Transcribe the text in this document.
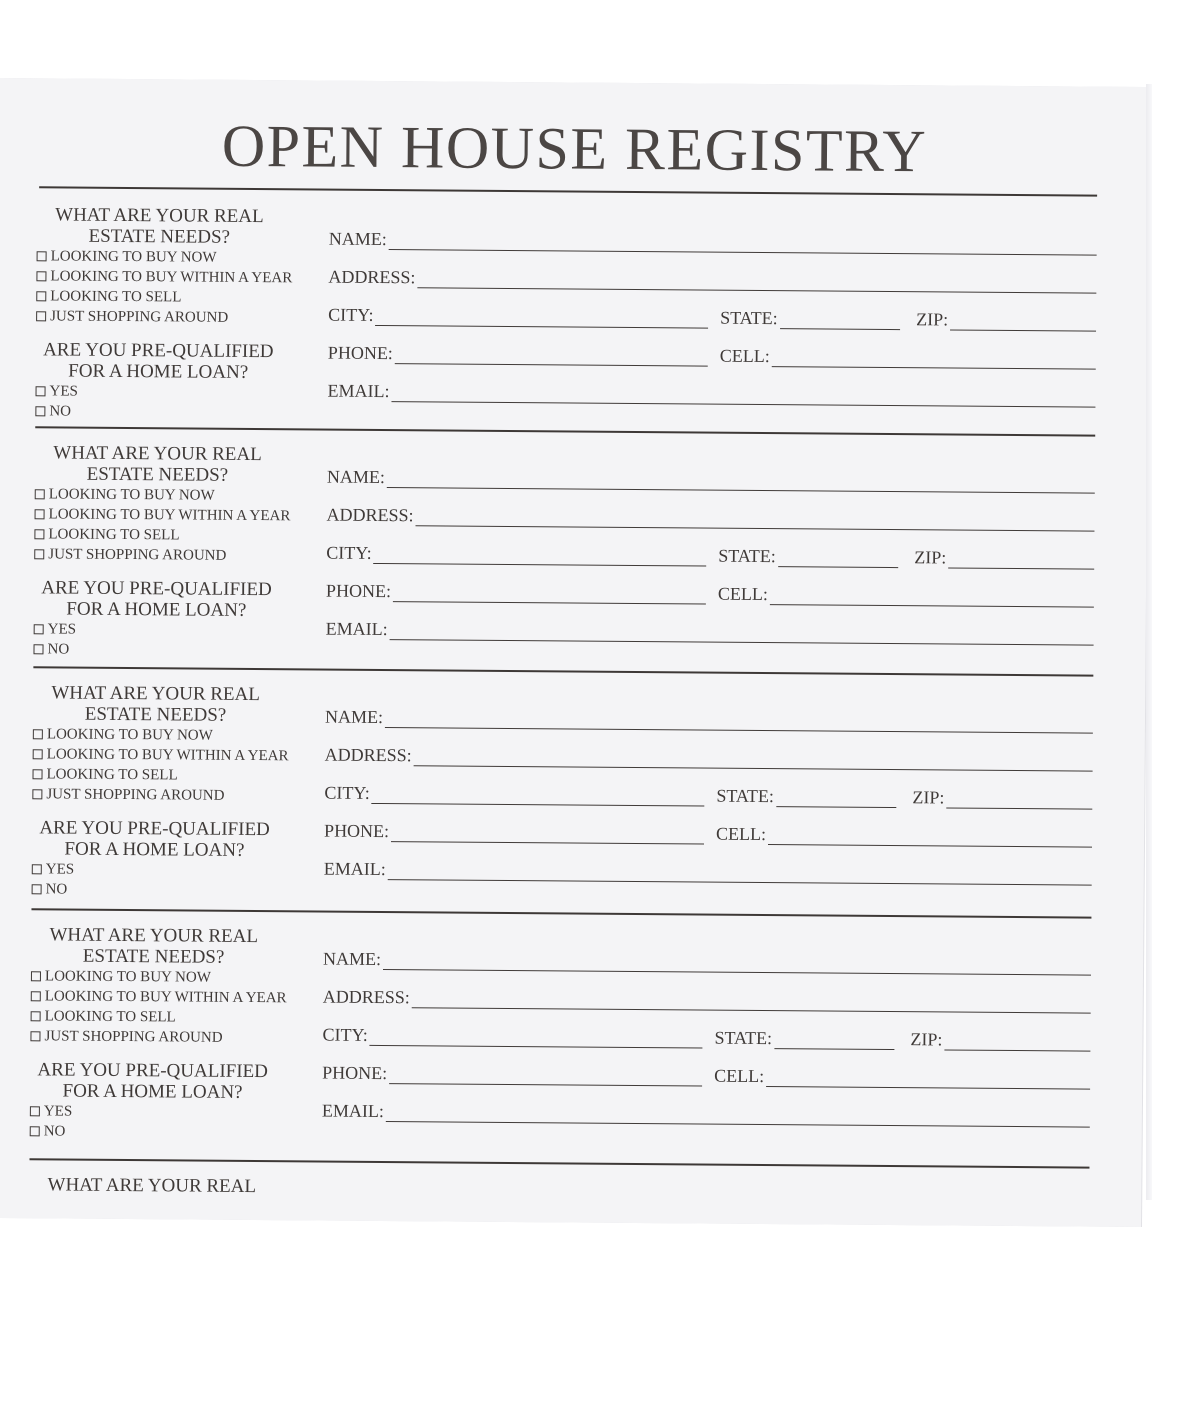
OPEN HOUSE REGISTRY
WHAT ARE YOUR REAL ESTATE NEEDS?
LOOKING TO BUY NOW
LOOKING TO BUY WITHIN A YEAR
LOOKING TO SELL
JUST SHOPPING AROUND
ARE YOU PRE-QUALIFIED FOR A HOME LOAN?
YES
NO
NAME:
ADDRESS:
CITY:	STATE:	ZIP:
PHONE:	CELL:
EMAIL:
WHAT ARE YOUR REAL ESTATE NEEDS?
LOOKING TO BUY NOW
LOOKING TO BUY WITHIN A YEAR
LOOKING TO SELL
JUST SHOPPING AROUND
ARE YOU PRE-QUALIFIED FOR A HOME LOAN?
YES
NO
NAME:
ADDRESS:
CITY:	STATE:	ZIP:
PHONE:	CELL:
EMAIL:
WHAT ARE YOUR REAL ESTATE NEEDS?
LOOKING TO BUY NOW
LOOKING TO BUY WITHIN A YEAR
LOOKING TO SELL
JUST SHOPPING AROUND
ARE YOU PRE-QUALIFIED FOR A HOME LOAN?
YES
NO
NAME:
ADDRESS:
CITY:	STATE:	ZIP:
PHONE:	CELL:
EMAIL:
WHAT ARE YOUR REAL ESTATE NEEDS?
LOOKING TO BUY NOW
LOOKING TO BUY WITHIN A YEAR
LOOKING TO SELL
JUST SHOPPING AROUND
ARE YOU PRE-QUALIFIED FOR A HOME LOAN?
YES
NO
NAME:
ADDRESS:
CITY:	STATE:	ZIP:
PHONE:	CELL:
EMAIL:
WHAT ARE YOUR REAL
